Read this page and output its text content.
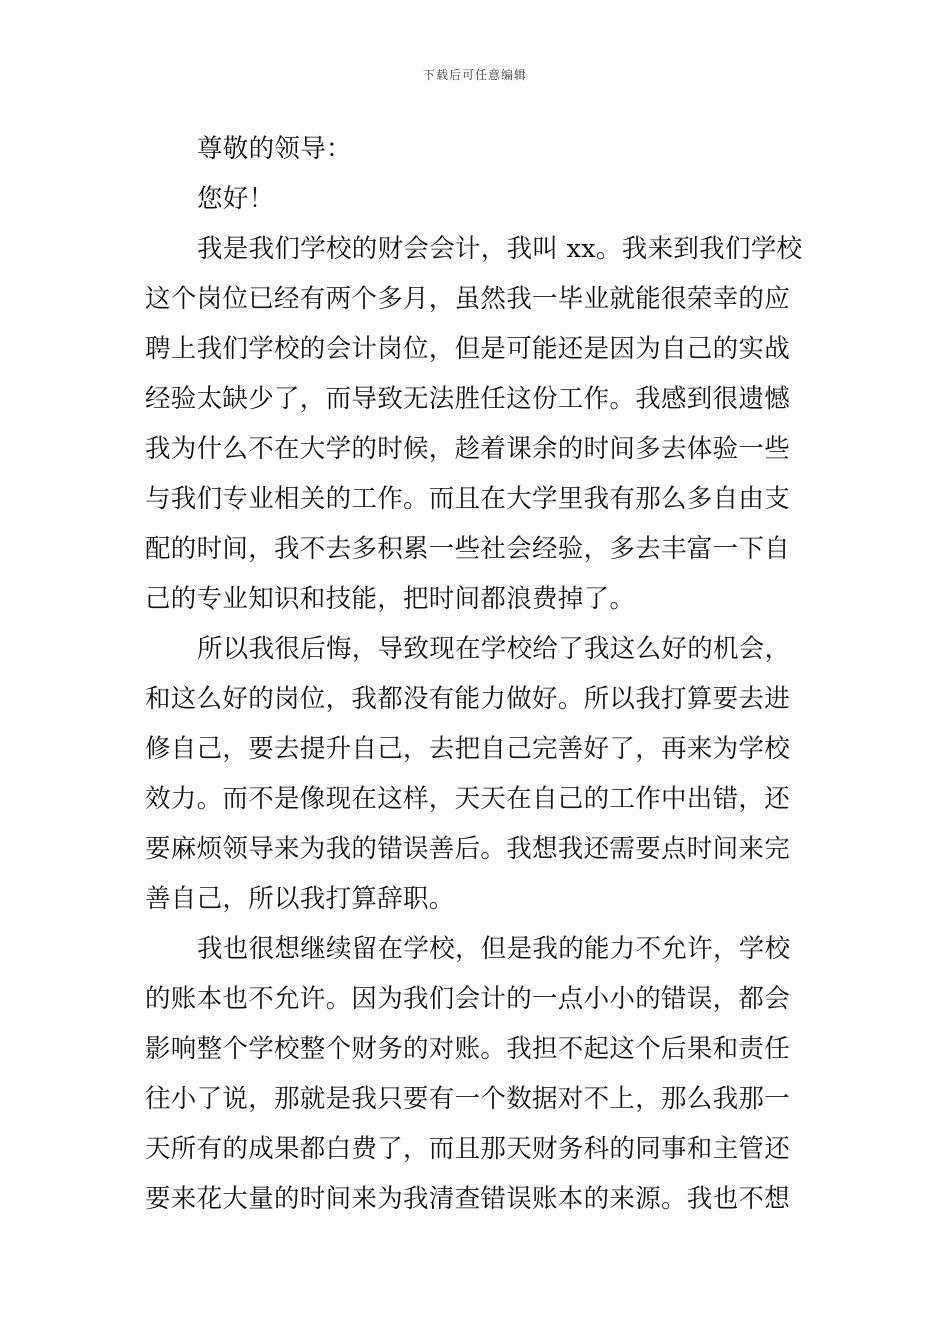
下载后可任意编辑
尊敬的领导：
您好！
我是我们学校的财会会计，我叫 xx。我来到我们学校
这个岗位已经有两个多月，虽然我一毕业就能很荣幸的应
聘上我们学校的会计岗位，但是可能还是因为自己的实战
经验太缺少了，而导致无法胜任这份工作。我感到很遗憾
我为什么不在大学的时候，趁着课余的时间多去体验一些
与我们专业相关的工作。而且在大学里我有那么多自由支
配的时间，我不去多积累一些社会经验，多去丰富一下自
己的专业知识和技能，把时间都浪费掉了。
所以我很后悔，导致现在学校给了我这么好的机会，
和这么好的岗位，我都没有能力做好。所以我打算要去进
修自己，要去提升自己，去把自己完善好了，再来为学校
效力。而不是像现在这样，天天在自己的工作中出错，还
要麻烦领导来为我的错误善后。我想我还需要点时间来完
善自己，所以我打算辞职。
我也很想继续留在学校，但是我的能力不允许，学校
的账本也不允许。因为我们会计的一点小小的错误，都会
影响整个学校整个财务的对账。我担不起这个后果和责任
往小了说，那就是我只要有一个数据对不上，那么我那一
天所有的成果都白费了，而且那天财务科的同事和主管还
要来花大量的时间来为我清查错误账本的来源。我也不想
